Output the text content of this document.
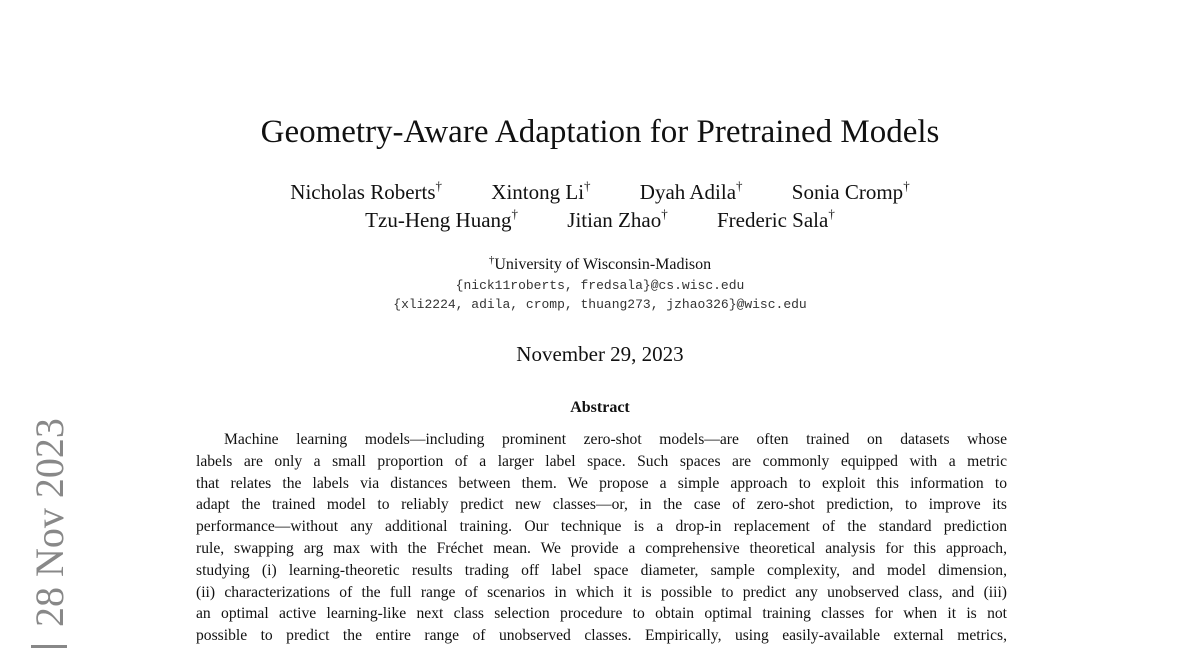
Geometry-Aware Adaptation for Pretrained Models
Nicholas Roberts† Xintong Li† Dyah Adila† Sonia Cromp†
Tzu-Heng Huang† Jitian Zhao† Frederic Sala†
†University of Wisconsin-Madison
{nick11roberts, fredsala}@cs.wisc.edu
{xli2224, adila, cromp, thuang273, jzhao326}@wisc.edu
November 29, 2023
Abstract
Machine learning models—including prominent zero-shot models—are often trained on datasets whose
labels are only a small proportion of a larger label space. Such spaces are commonly equipped with a metric
that relates the labels via distances between them. We propose a simple approach to exploit this information to
adapt the trained model to reliably predict new classes—or, in the case of zero-shot prediction, to improve its
performance—without any additional training. Our technique is a drop-in replacement of the standard prediction
rule, swapping arg max with the Fréchet mean. We provide a comprehensive theoretical analysis for this approach,
studying (i) learning-theoretic results trading off label space diameter, sample complexity, and model dimension,
(ii) characterizations of the full range of scenarios in which it is possible to predict any unobserved class, and (iii)
an optimal active learning-like next class selection procedure to obtain optimal training classes for when it is not
possible to predict the entire range of unobserved classes. Empirically, using easily-available external metrics,
28 Nov 2023
